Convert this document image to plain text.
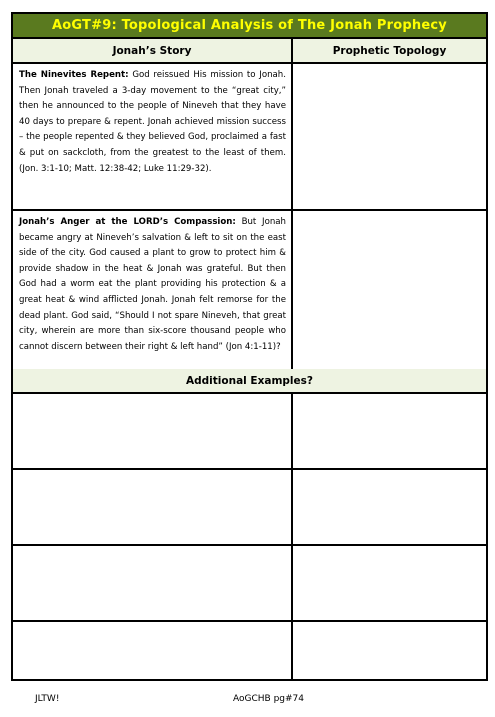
AoGT#9: Topological Analysis of The Jonah Prophecy
Jonah’s Story	Prophetic Topology
The Ninevites Repent: God reissued His mission to Jonah. Then Jonah traveled a 3-day movement to the “great city,” then he announced to the people of Nineveh that they have 40 days to prepare & repent. Jonah achieved mission success – the people repented & they believed God, proclaimed a fast & put on sackcloth, from the greatest to the least of them. (Jon. 3:1-10; Matt. 12:38-42; Luke 11:29-32).
Jonah’s Anger at the LORD’s Compassion: But Jonah became angry at Nineveh’s salvation & left to sit on the east side of the city. God caused a plant to grow to protect him & provide shadow in the heat & Jonah was grateful. But then God had a worm eat the plant providing his protection & a great heat & wind afflicted Jonah. Jonah felt remorse for the dead plant. God said, “Should I not spare Nineveh, that great city, wherein are more than six-score thousand people who cannot discern between their right & left hand” (Jon 4:1-11)?
Additional Examples?
JLTW!	AoGCHB pg#74
